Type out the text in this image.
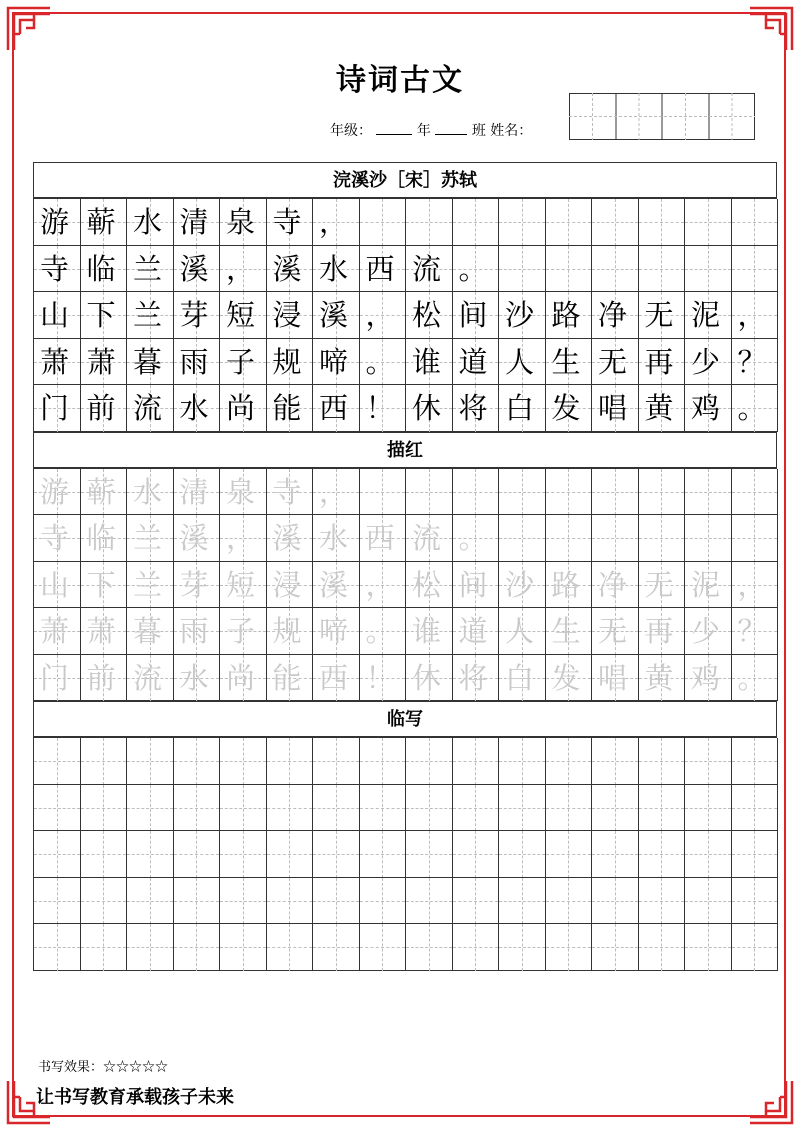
诗词古文
年级：	年	班 姓名：
浣溪沙［宋］苏轼
游蕲水清泉寺，
寺临兰溪，溪水西流。
山下兰芽短浸溪，松间沙路净无泥，
萧萧暮雨子规啼。谁道人生无再少？
门前流水尚能西！休将白发唱黄鸡。
描红
游蕲水清泉寺，
寺临兰溪，溪水西流。
山下兰芽短浸溪，松间沙路净无泥，
萧萧暮雨子规啼。谁道人生无再少？
门前流水尚能西！休将白发唱黄鸡。
临写
书写效果：☆☆☆☆☆
让书写教育承载孩子未来
